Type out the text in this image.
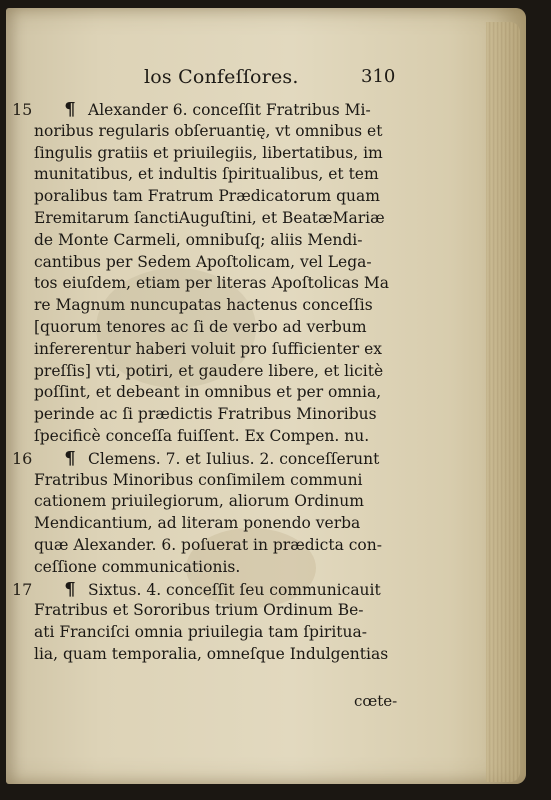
los Confeſſores.	310
15	¶ Alexander 6. conceſſit Fratribus Mi-
noribus regularis obſeruantię, vt omnibus et
ſingulis gratiis et priuilegiis, libertatibus, im
munitatibus, et indultis ſpiritualibus, et tem
poralibus tam Fratrum Prædicatorum quam
Eremitarum ſanctiAuguſtini, et BeatæMariæ
de Monte Carmeli, omnibuſq; aliis Mendi-
cantibus per Sedem Apoſtolicam, vel Lega-
tos eiuſdem, etiam per literas Apoſtolicas Ma
re Magnum nuncupatas hactenus conceſſis
[quorum tenores ac ſi de verbo ad verbum
infererentur haberi voluit pro ſufficienter ex
preſſis] vti, potiri, et gaudere libere, et licitè
poſſint, et debeant in omnibus et per omnia,
perinde ac ſi prædictis Fratribus Minoribus
ſpecificè conceſſa fuiſſent. Ex Compen. nu.
16	¶ Clemens. 7. et Iulius. 2. conceſſerunt
Fratribus Minoribus conſimilem communi
cationem priuilegiorum, aliorum Ordinum
Mendicantium, ad literam ponendo verba
quæ Alexander. 6. poſuerat in prædicta con-
ceſſione communicationis.
17	¶ Sixtus. 4. conceſſit ſeu communicauit
Fratribus et Sororibus trium Ordinum Be-
ati Franciſci omnia priuilegia tam ſpiritua-
lia, quam temporalia, omneſque Indulgentias
cœte-
